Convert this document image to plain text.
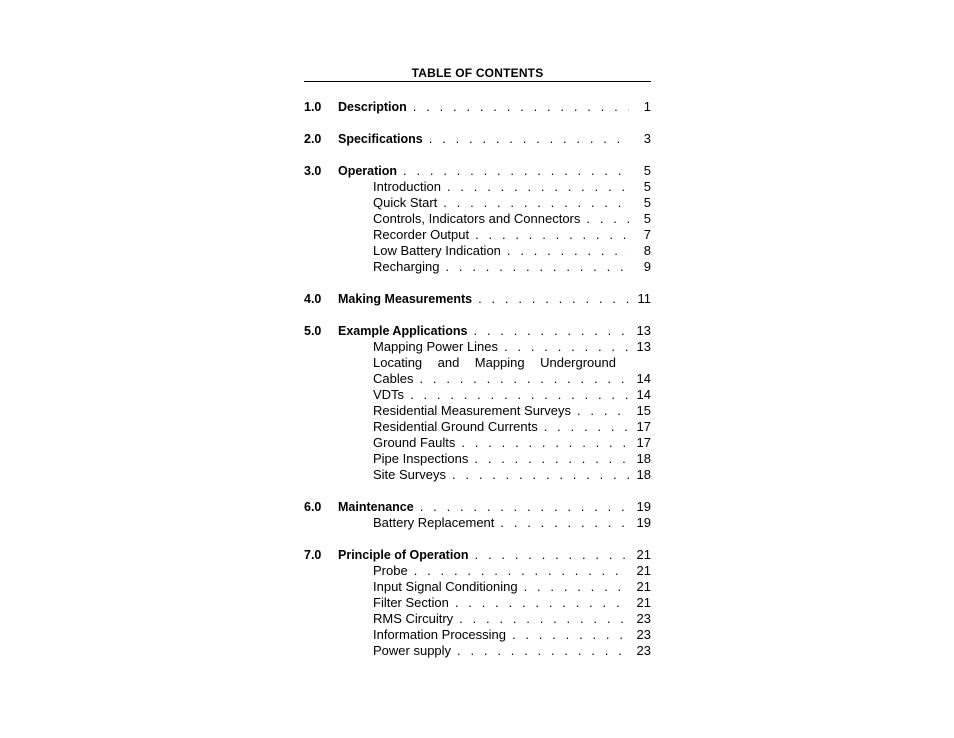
TABLE OF CONTENTS
1.0 Description . . .	1
2.0 Specifications . . .	3
3.0 Operation . . .	5
Introduction . . .	5
Quick Start . . .	5
Controls, Indicators and Connectors . . .	5
Recorder Output . . .	7
Low Battery Indication . . .	8
Recharging . . .	9
4.0 Making Measurements . . .	11
5.0 Example Applications . . .	13
Mapping Power Lines . . .	13
Locating and Mapping Underground
Cables . . .	14
VDTs . . .	14
Residential Measurement Surveys . . .	15
Residential Ground Currents . . .	17
Ground Faults . . .	17
Pipe Inspections . . .	18
Site Surveys . . .	18
6.0 Maintenance . . .	19
Battery Replacement . . .	19
7.0 Principle of Operation . . .	21
Probe . . .	21
Input Signal Conditioning . . .	21
Filter Section . . .	21
RMS Circuitry . . .	23
Information Processing . . .	23
Power supply . . .	23
